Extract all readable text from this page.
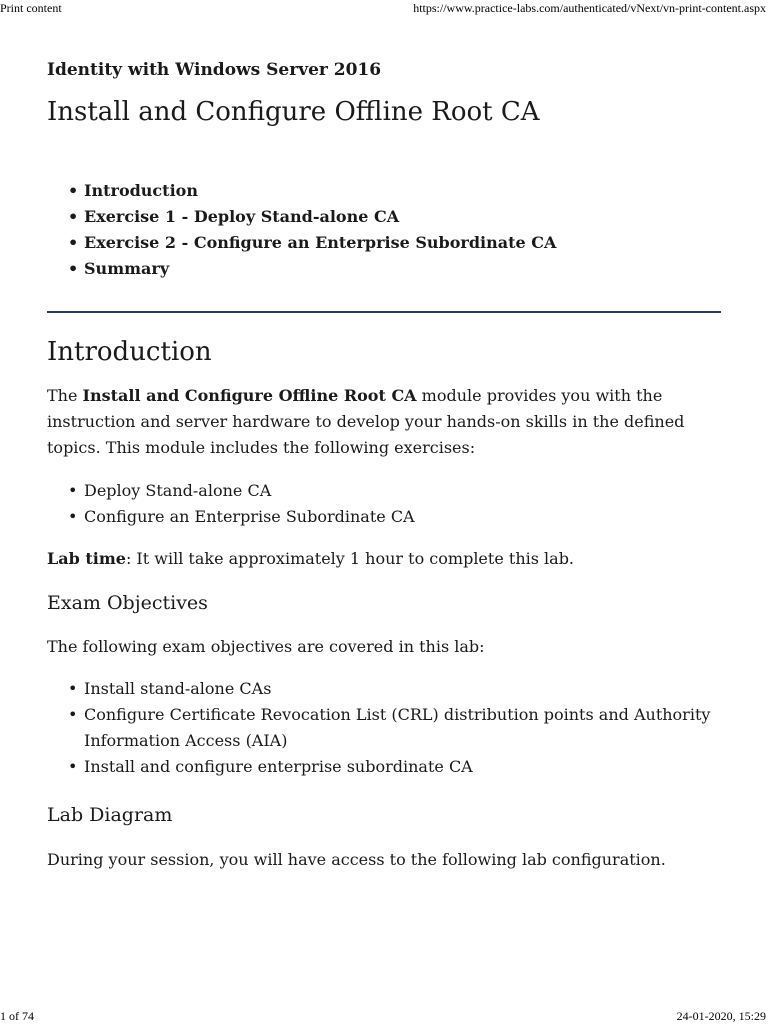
Print content	https://www.practice-labs.com/authenticated/vNext/vn-print-content.aspx
Identity with Windows Server 2016
Install and Configure Offline Root CA
• Introduction
• Exercise 1 - Deploy Stand-alone CA
• Exercise 2 - Configure an Enterprise Subordinate CA
• Summary
Introduction

The Install and Configure Offline Root CA module provides you with the instruction and server hardware to develop your hands-on skills in the defined topics. This module includes the following exercises:

• Deploy Stand-alone CA
• Configure an Enterprise Subordinate CA

Lab time: It will take approximately 1 hour to complete this lab.

Exam Objectives

The following exam objectives are covered in this lab:

• Install stand-alone CAs
• Configure Certificate Revocation List (CRL) distribution points and Authority Information Access (AIA)
• Install and configure enterprise subordinate CA
Lab Diagram

During your session, you will have access to the following lab configuration.

1 of 74	24-01-2020, 15:29
